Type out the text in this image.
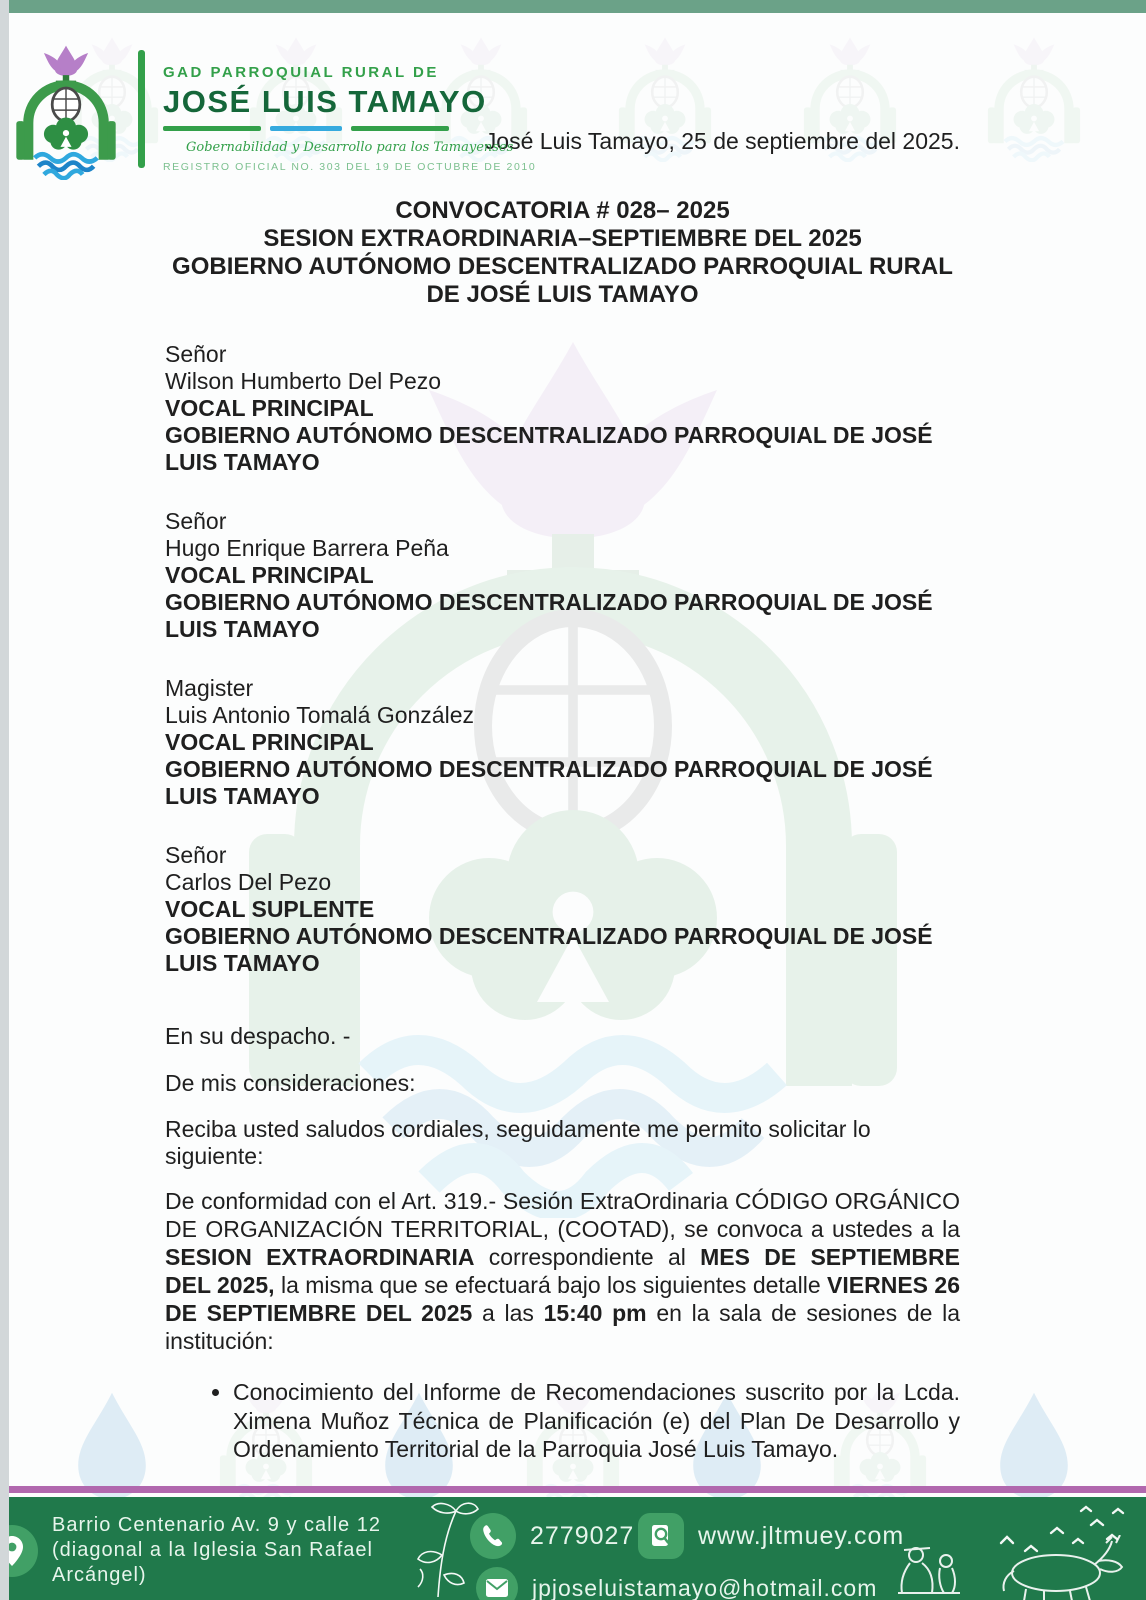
GAD PARROQUIAL RURAL DE
JOSÉ LUIS TAMAYO
Gobernabilidad y Desarrollo para los Tamayenses
REGISTRO OFICIAL NO. 303 DEL 19 DE OCTUBRE DE 2010
José Luis Tamayo, 25 de septiembre del 2025.
CONVOCATORIA # 028– 2025
SESION EXTRAORDINARIA–SEPTIEMBRE DEL 2025
GOBIERNO AUTÓNOMO DESCENTRALIZADO PARROQUIAL RURAL DE JOSÉ LUIS TAMAYO
Señor
Wilson Humberto Del Pezo
VOCAL PRINCIPAL
GOBIERNO AUTÓNOMO DESCENTRALIZADO PARROQUIAL DE JOSÉ LUIS TAMAYO
Señor
Hugo Enrique Barrera Peña
VOCAL PRINCIPAL
GOBIERNO AUTÓNOMO DESCENTRALIZADO PARROQUIAL DE JOSÉ LUIS TAMAYO
Magister
Luis Antonio Tomalá González
VOCAL PRINCIPAL
GOBIERNO AUTÓNOMO DESCENTRALIZADO PARROQUIAL DE JOSÉ LUIS TAMAYO
Señor
Carlos Del Pezo
VOCAL SUPLENTE
GOBIERNO AUTÓNOMO DESCENTRALIZADO PARROQUIAL DE JOSÉ LUIS TAMAYO
En su despacho. -
De mis consideraciones:
Reciba usted saludos cordiales, seguidamente me permito solicitar lo siguiente:

De conformidad con el Art. 319.- Sesión ExtraOrdinaria CÓDIGO ORGÁNICO DE ORGANIZACIÓN TERRITORIAL, (COOTAD), se convoca a ustedes a la SESION EXTRAORDINARIA correspondiente al MES DE SEPTIEMBRE DEL 2025, la misma que se efectuará bajo los siguientes detalle VIERNES 26 DE SEPTIEMBRE DEL 2025 a las 15:40 pm en la sala de sesiones de la institución:

• Conocimiento del Informe de Recomendaciones suscrito por la Lcda. Ximena Muñoz Técnica de Planificación (e) del Plan De Desarrollo y Ordenamiento Territorial de la Parroquia José Luis Tamayo.
Barrio Centenario Av. 9 y calle 12 (diagonal a la Iglesia San Rafael Arcángel)
2779027	www.jltmuey.com
jpjoseluistamayo@hotmail.com
